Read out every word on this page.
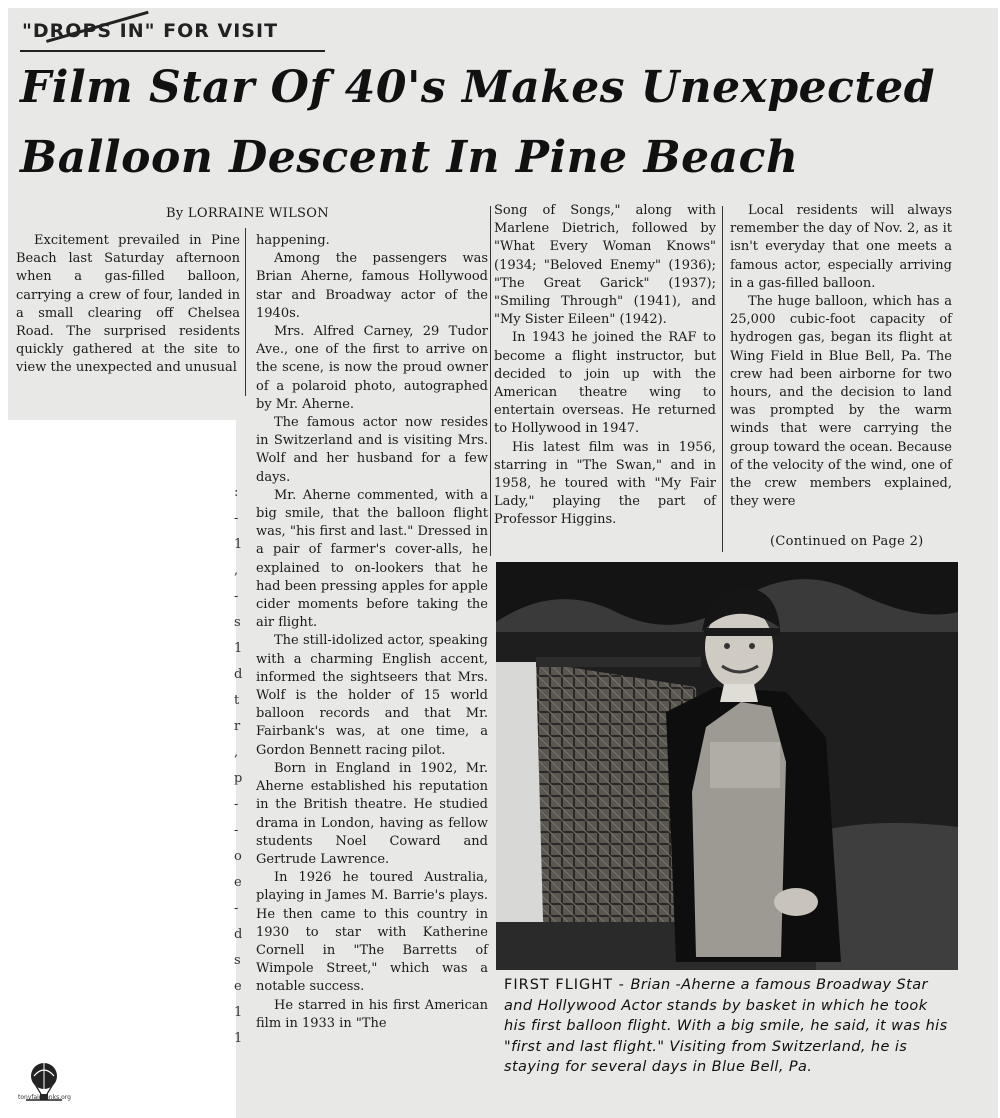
"DROPS IN" FOR VISIT
Film Star Of 40's Makes Unexpected
Balloon Descent In Pine Beach
By LORRAINE WILSON

Excitement prevailed in Pine Beach last Saturday afternoon when a gas-filled balloon, carrying a crew of four, landed in a small clearing off Chelsea Road. The surprised residents quickly gathered at the site to view the unexpected and unusual

happening.

Among the passengers was Brian Aherne, famous Hollywood star and Broadway actor of the 1940s.

Mrs. Alfred Carney, 29 Tudor Ave., one of the first to arrive on the scene, is now the proud owner of a polaroid photo, autographed by Mr. Aherne.

The famous actor now resides in Switzerland and is visiting Mrs. Wolf and her husband for a few days.

Mr. Aherne commented, with a big smile, that the balloon flight was, "his first and last." Dressed in a pair of farmer's cover-alls, he explained to on-lookers that he had been pressing apples for apple cider moments before taking the air flight.

The still-idolized actor, speaking with a charming English accent, informed the sightseers that Mrs. Wolf is the holder of 15 world balloon records and that Mr. Fairbank's was, at one time, a Gordon Bennett racing pilot.

Born in England in 1902, Mr. Aherne established his reputation in the British theatre. He studied drama in London, having as fellow students Noel Coward and Gertrude Lawrence.

In 1926 he toured Australia, playing in James M. Barrie's plays. He then came to this country in 1930 to star with Katherine Cornell in "The Barretts of Wimpole Street," which was a notable success.

He starred in his first American film in 1933 in "The

Song of Songs," along with Marlene Dietrich, followed by "What Every Woman Knows" (1934; "Beloved Enemy" (1936); "The Great Garick" (1937); "Smiling Through" (1941), and "My Sister Eileen" (1942).

In 1943 he joined the RAF to become a flight instructor, but decided to join up with the American theatre wing to entertain overseas. He returned to Hollywood in 1947.

His latest film was in 1956, starring in "The Swan," and in 1958, he toured with "My Fair Lady," playing the part of Professor Higgins.

Local residents will always remember the day of Nov. 2, as it isn't everyday that one meets a famous actor, especially arriving in a gas-filled balloon.

The huge balloon, which has a 25,000 cubic-foot capacity of hydrogen gas, began its flight at Wing Field in Blue Bell, Pa. The crew had been airborne for two hours, and the decision to land was prompted by the warm winds that were carrying the group toward the ocean. Because of the velocity of the wind, one of the crew members explained, they were

(Continued on Page 2)
FIRST FLIGHT - Brian -Aherne a famous Broadway Star and Hollywood Actor stands by basket in which he took his first balloon flight. With a big smile, he said, it was his "first and last flight." Visiting from Switzerland, he is staying for several days in Blue Bell, Pa.
:
-
1
,
-
s
1
d
t
r
,
p
-
-
o
e
-
d
s
e
1
1
tonyfairbanks.org
